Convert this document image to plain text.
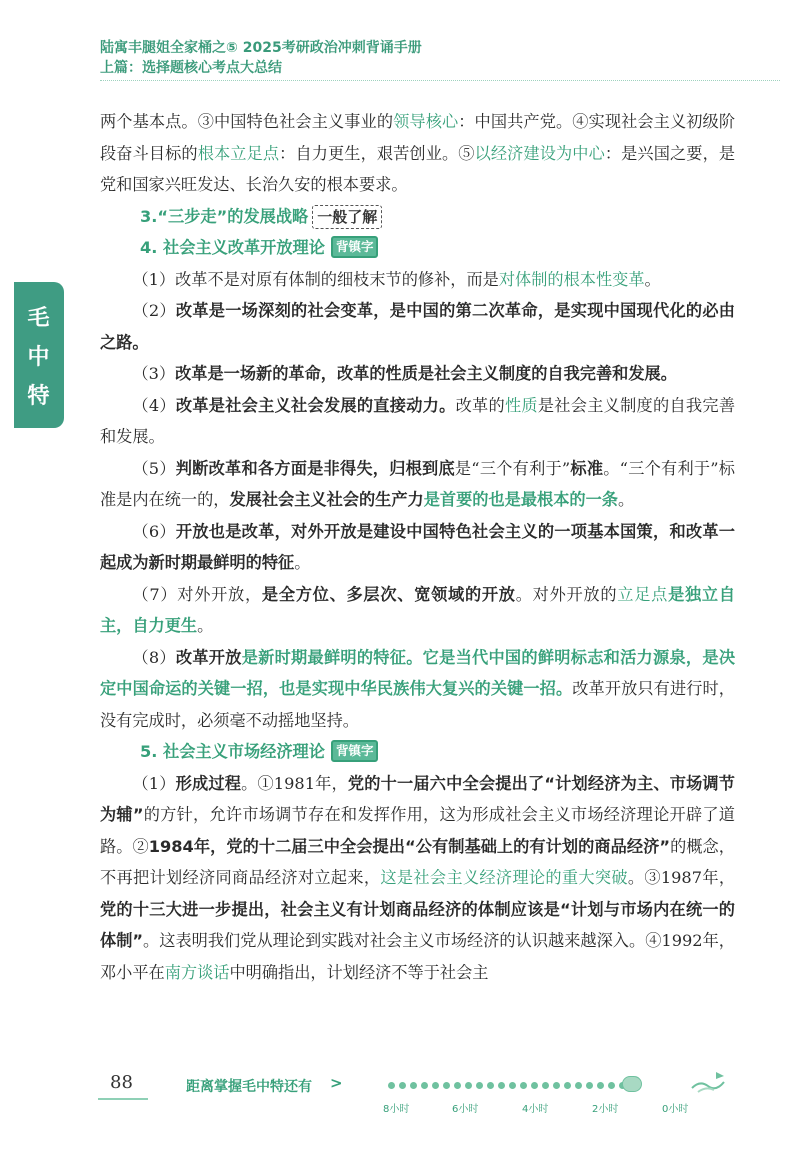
陆寓丰腿姐全家桶之⑤ 2025考研政治冲刺背诵手册
上篇：选择题核心考点大总结
毛
中
特

两个基本点。③中国特色社会主义事业的领导核心：中国共产党。④实现社会主义初级阶段奋斗目标的根本立足点：自力更生，艰苦创业。⑤以经济建设为中心：是兴国之要，是党和国家兴旺发达、长治久安的根本要求。

3.“三步走”的发展战略 一般了解

4. 社会主义改革开放理论 背镇字

（1）改革不是对原有体制的细枝末节的修补，而是对体制的根本性变革。

（2）改革是一场深刻的社会变革，是中国的第二次革命，是实现中国现代化的必由之路。

（3）改革是一场新的革命，改革的性质是社会主义制度的自我完善和发展。

（4）改革是社会主义社会发展的直接动力。改革的性质是社会主义制度的自我完善和发展。

（5）判断改革和各方面是非得失，归根到底是“三个有利于”标准。“三个有利于”标准是内在统一的，发展社会主义社会的生产力是首要的也是最根本的一条。

（6）开放也是改革，对外开放是建设中国特色社会主义的一项基本国策，和改革一起成为新时期最鲜明的特征。

（7）对外开放，是全方位、多层次、宽领域的开放。对外开放的立足点是独立自主，自力更生。

（8）改革开放是新时期最鲜明的特征。它是当代中国的鲜明标志和活力源泉，是决定中国命运的关键一招，也是实现中华民族伟大复兴的关键一招。改革开放只有进行时，没有完成时，必须毫不动摇地坚持。

5. 社会主义市场经济理论 背镇字

（1）形成过程。①1981年，党的十一届六中全会提出了“计划经济为主、市场调节为辅”的方针，允许市场调节存在和发挥作用，这为形成社会主义市场经济理论开辟了道路。②1984年，党的十二届三中全会提出“公有制基础上的有计划的商品经济”的概念，不再把计划经济同商品经济对立起来，这是社会主义经济理论的重大突破。③1987年，党的十三大进一步提出，社会主义有计划商品经济的体制应该是“计划与市场内在统一的体制”。这表明我们党从理论到实践对社会主义市场经济的认识越来越深入。④1992年，邓小平在南方谈话中明确指出，计划经济不等于社会主

88	距离掌握毛中特还有 >
8小时	6小时	4小时	2小时	0小时
